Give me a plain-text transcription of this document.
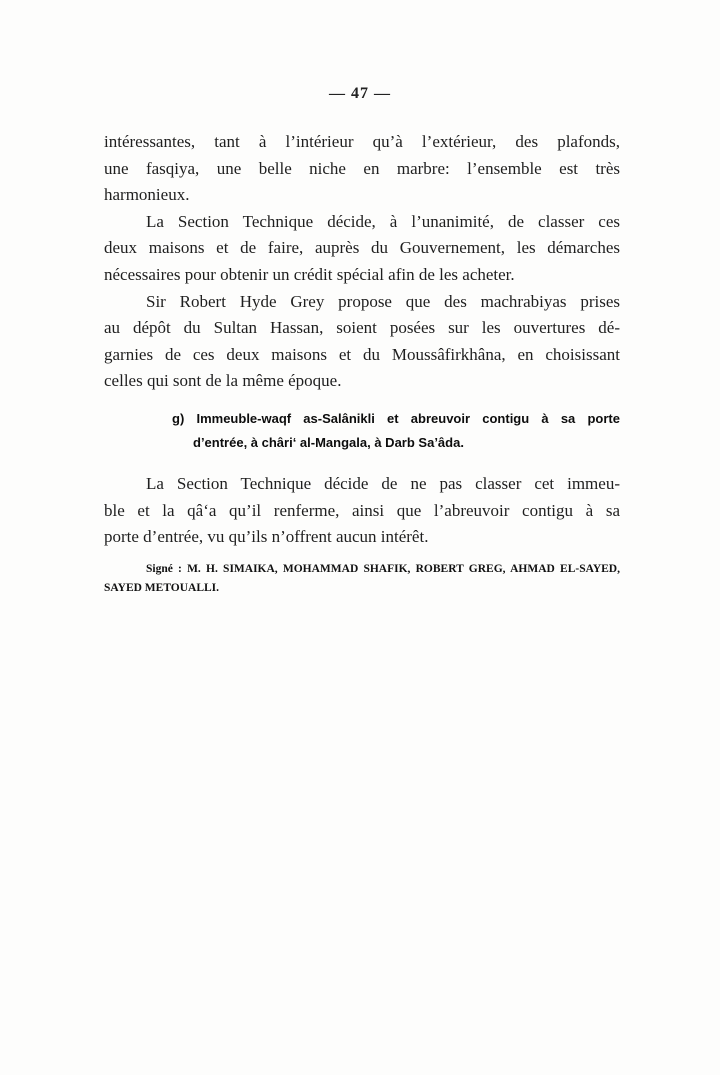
— 47 —
intéressantes, tant à l’intérieur qu’à l’extérieur, des plafonds,
une fasqiya, une belle niche en marbre: l’ensemble est très
harmonieux.
La Section Technique décide, à l’unanimité, de classer ces
deux maisons et de faire, auprès du Gouvernement, les démarches
nécessaires pour obtenir un crédit spécial afin de les acheter.
Sir Robert Hyde Grey propose que des machrabiyas prises
au dépôt du Sultan Hassan, soient posées sur les ouvertures dé-
garnies de ces deux maisons et du Moussâfirkhâna, en choisissant
celles qui sont de la même époque.
g) Immeuble-waqf as-Salânikli et abreuvoir contigu à sa porte
d’entrée, à châri‘ al-Mangala, à Darb Sa’âda.
La Section Technique décide de ne pas classer cet immeu-
ble et la qâ‘a qu’il renferme, ainsi que l’abreuvoir contigu à sa
porte d’entrée, vu qu’ils n’offrent aucun intérêt.
Signé : M. H. SIMAIKA, MOHAMMAD SHAFIK, ROBERT GREG, AHMAD EL-SAYED,
SAYED METOUALLI.
